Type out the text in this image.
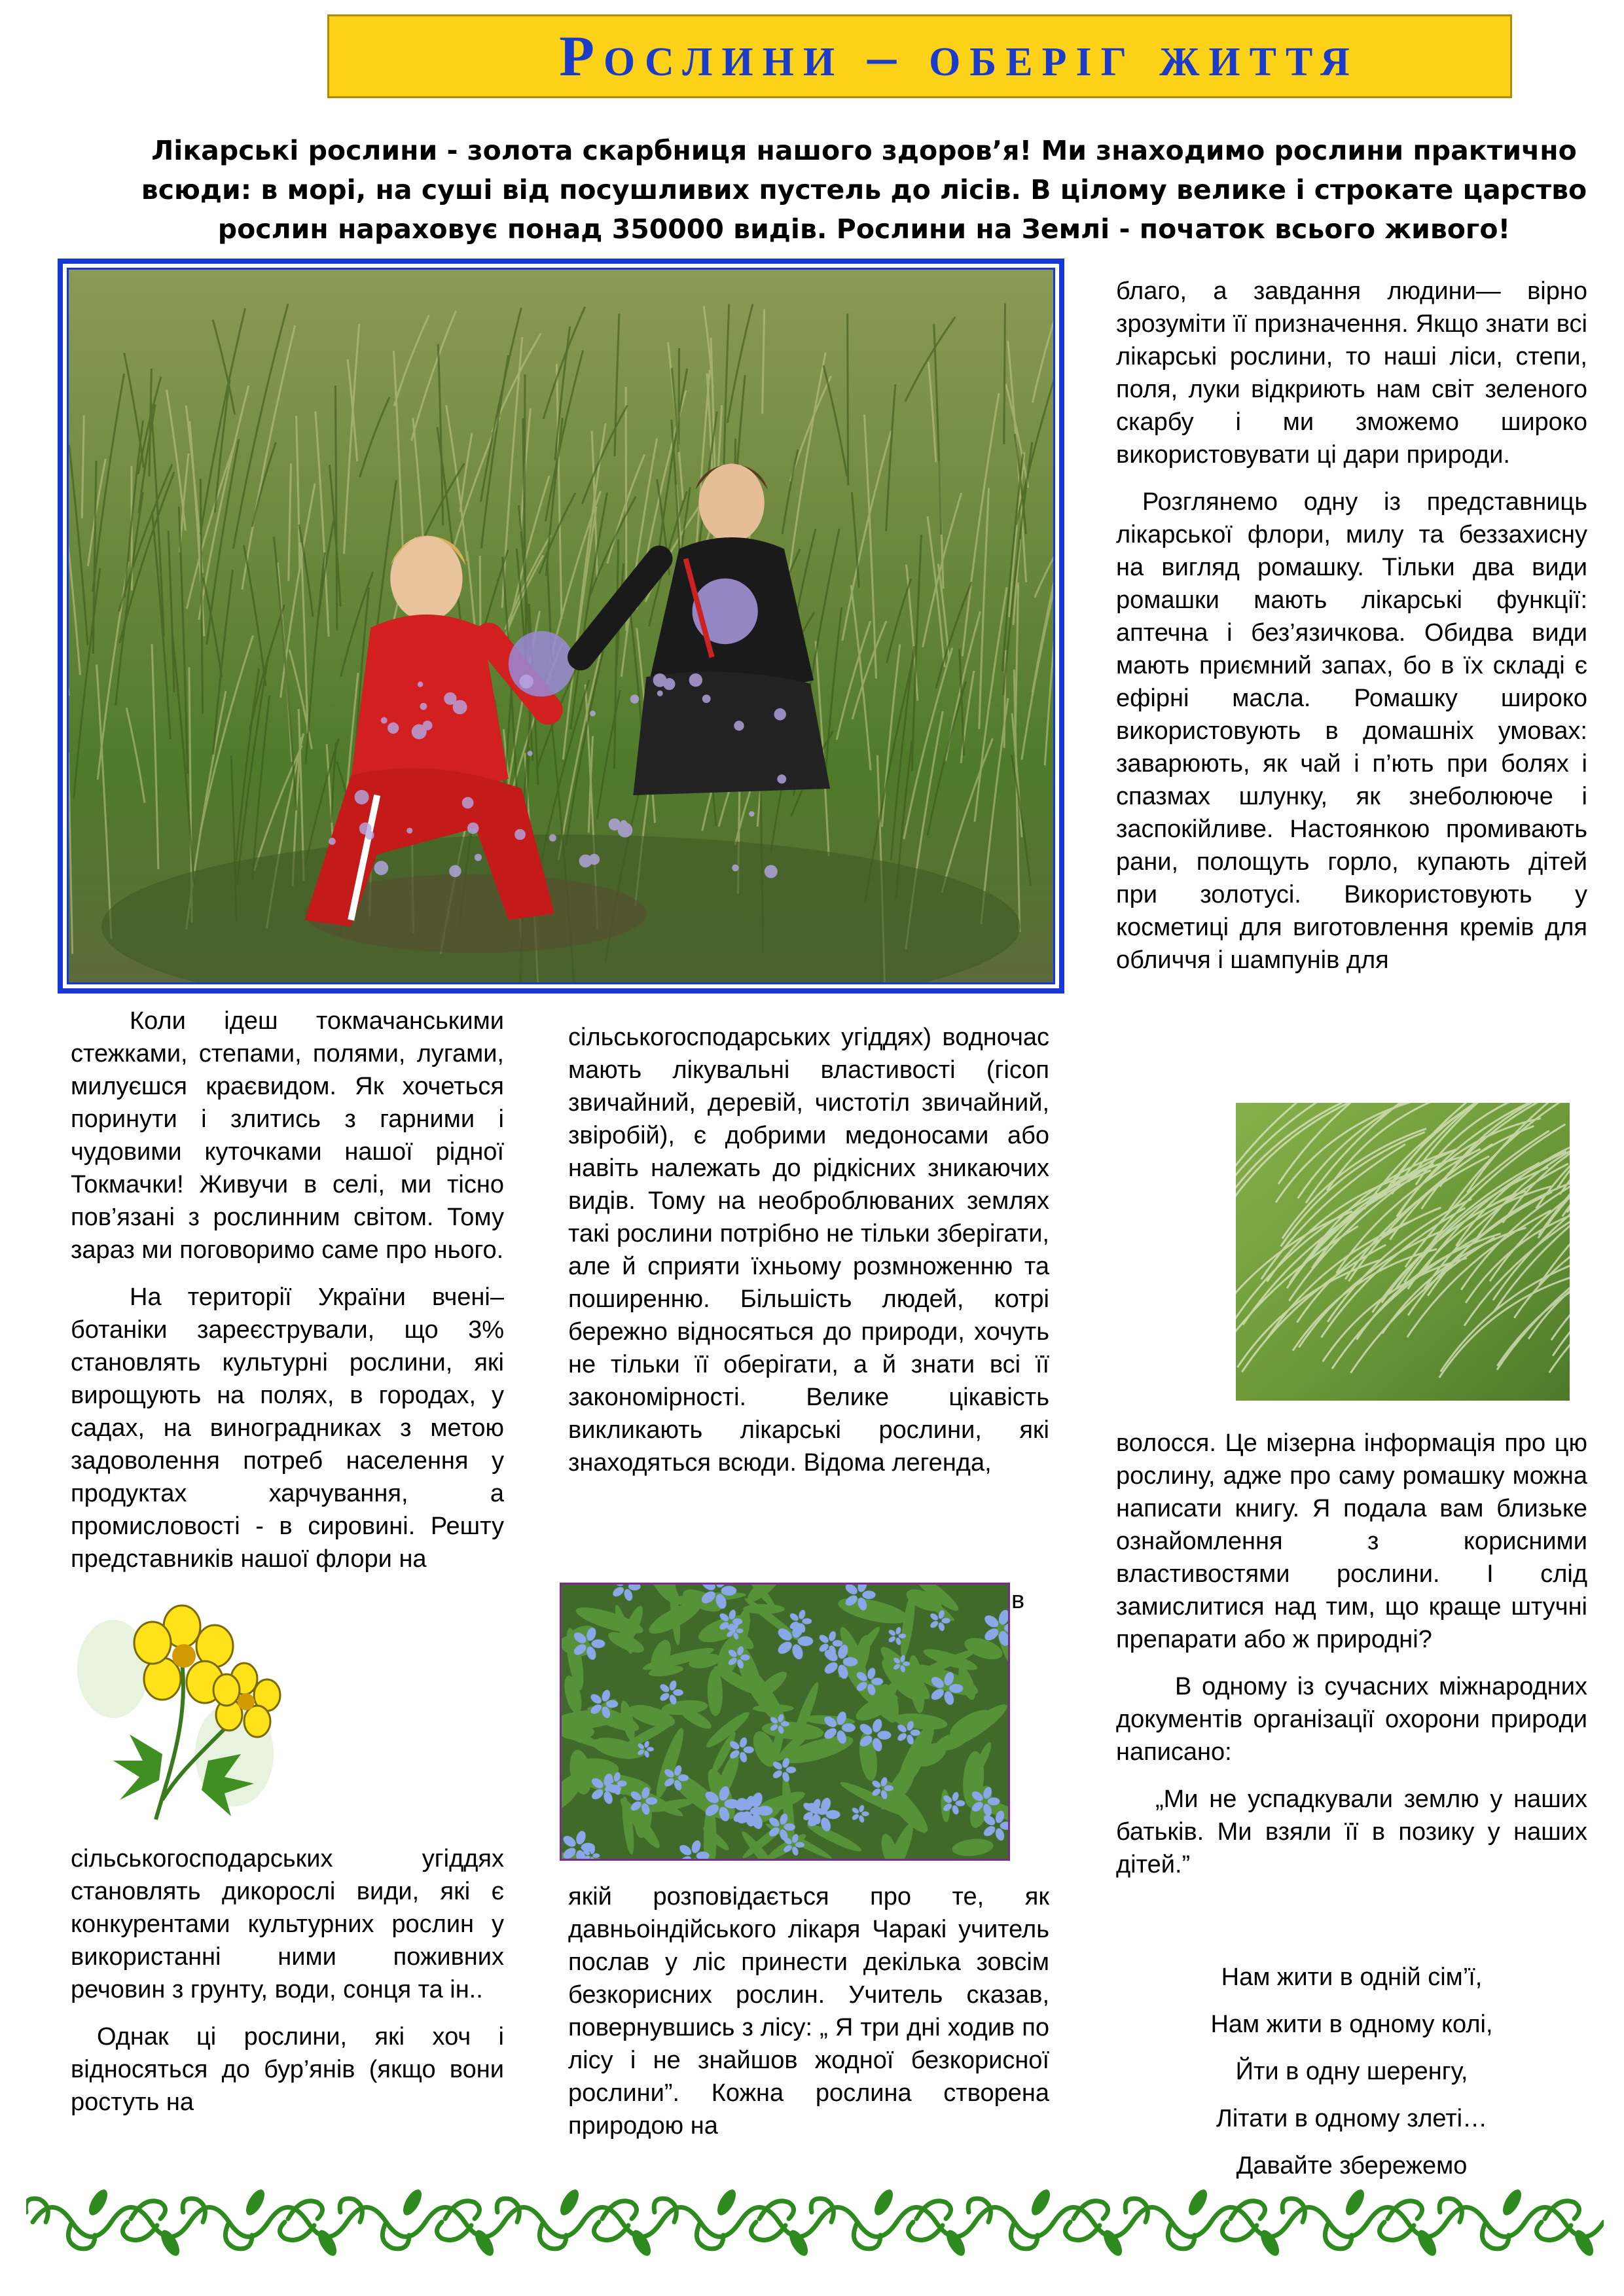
Рослини – оберіг життя
Лікарські рослини - золота скарбниця нашого здоров’я! Ми знаходимо рослини практично всюди: в морі, на суші від посушливих пустель до лісів. В цілому велике і строкате царство рослин нараховує понад 350000 видів. Рослини на Землі - початок всього живого!

Коли ідеш токмачанськими стежками, степами, полями, лугами, милуєшся краєвидом. Як хочеться поринути і злитись з гарними і чудовими куточками нашої рідної Токмачки! Живучи в селі, ми тісно пов’язані з рослинним світом. Тому зараз ми поговоримо саме про нього.

На території України вчені–ботаніки зареєстрували, що 3% становлять культурні рослини, які вирощують на полях, в городах, у садах, на виноградниках з метою задоволення потреб населення у продуктах харчування, а промисловості - в сировині. Решту представників нашої флори на

сільськогосподарських угіддях становлять дикорослі види, які є конкурентами культурних рослин у використанні ними поживних речовин з грунту, води, сонця та ін..

Однак ці рослини, які хоч і відносяться до бур’янів (якщо вони ростуть на

сільськогосподарських угіддях) водночас мають лікувальні властивості (гісоп звичайний, деревій, чистотіл звичайний, звіробій), є добрими медоносами або навіть належать до рідкісних зникаючих видів. Тому на необроблюваних землях такі рослини потрібно не тільки зберігати, але й сприяти їхньому розмноженню та поширенню. Більшість людей, котрі бережно відносяться до природи, хочуть не тільки її оберігати, а й знати всі її закономірності. Велике цікавість викликають лікарські рослини, які знаходяться всюди. Відома легенда,

в

якій розповідається про те, як давньоіндійського лікаря Чаракі учитель послав у ліс принести декілька зовсім безкорисних рослин. Учитель сказав, повернувшись з лісу: „ Я три дні ходив по лісу і не знайшов жодної безкорисної рослини”. Кожна рослина створена природою на

благо, а завдання людини— вірно зрозуміти її призначення. Якщо знати всі лікарські рослини, то наші ліси, степи, поля, луки відкриють нам світ зеленого скарбу і ми зможемо широко використовувати ці дари природи.

Розглянемо одну із представниць лікарської флори, милу та беззахисну на вигляд ромашку. Тільки два види ромашки мають лікарські функції: аптечна і без’язичкова. Обидва види мають приємний запах, бо в їх складі є ефірні масла. Ромашку широко використовують в домашніх умовах: заварюють, як чай і п’ють при болях і спазмах шлунку, як знеболююче і заспокійливе. Настоянкою промивають рани, полощуть горло, купають дітей при золотусі. Використовують у косметиці для виготовлення кремів для обличчя і шампунів для

волосся. Це мізерна інформація про цю рослину, адже про саму ромашку можна написати книгу. Я подала вам близьке ознайомлення з корисними властивостями рослини. І слід замислитися над тим, що краще штучні препарати або ж природні?

В одному із сучасних міжнародних документів організації охорони природи написано:

„Ми не успадкували землю у наших батьків. Ми взяли її в позику у наших дітей.”

Нам жити в одній сім’ї,
Нам жити в одному колі,
Йти в одну шеренгу,
Літати в одному злеті…
Давайте збережемо
